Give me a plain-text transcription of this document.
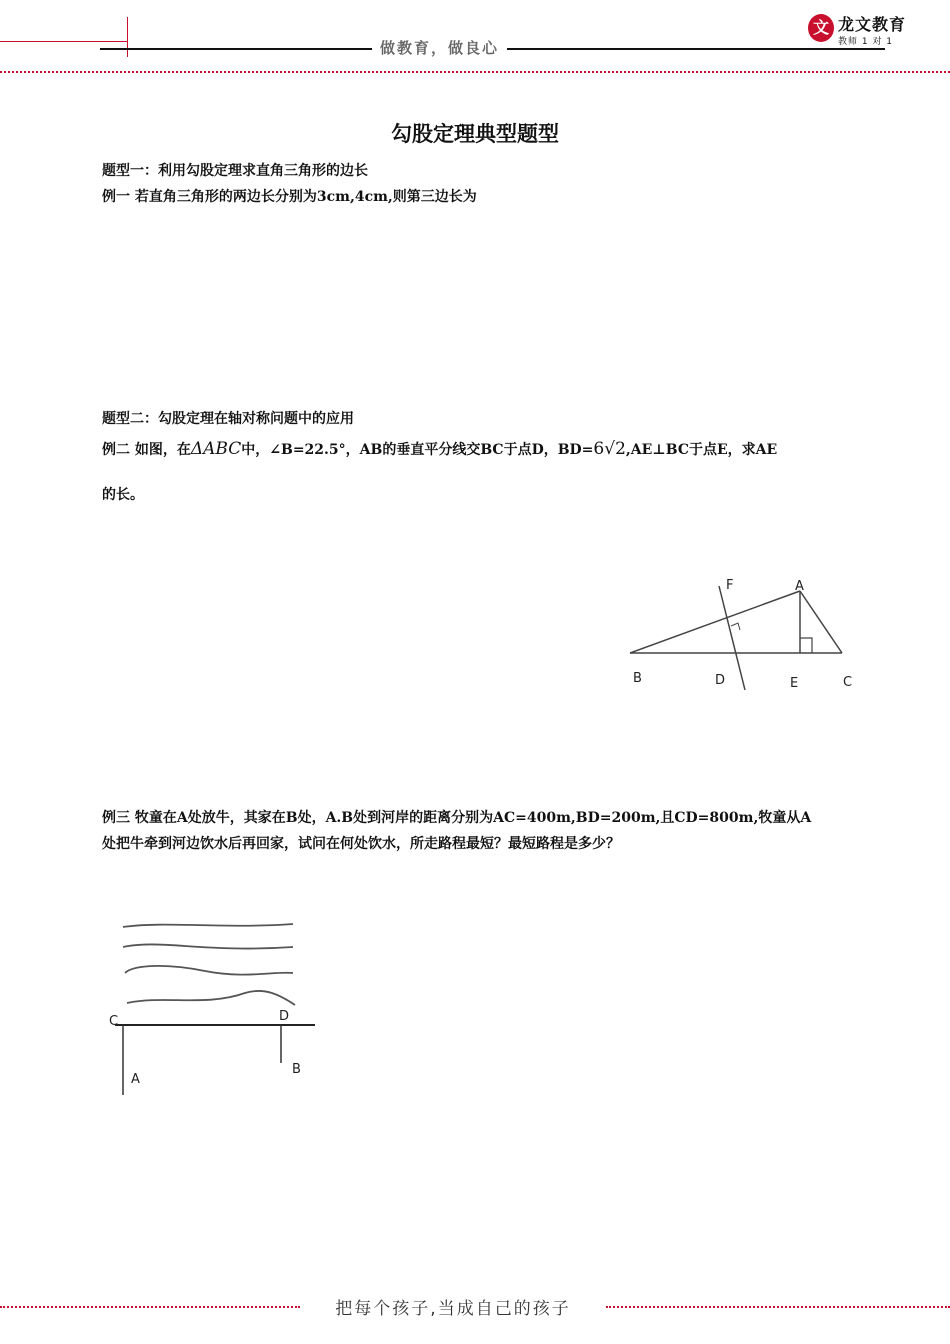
做教育，做良心
文 龙文教育
教师 1 对 1
勾股定理典型题型
题型一：利用勾股定理求直角三角形的边长
例一 若直角三角形的两边长分别为3cm,4cm,则第三边长为
题型二：勾股定理在轴对称问题中的应用
例二 如图，在ΔABC中，∠B=22.5°，AB的垂直平分线交BC于点D，BD=6√2,AE⊥BC于点E，求AE
的长。
A
B	C
D	E
F
例三 牧童在A处放牛，其家在B处，A.B处到河岸的距离分别为AC=400m,BD=200m,且CD=800m,牧童从A
处把牛牵到河边饮水后再回家，试问在何处饮水，所走路程最短？最短路程是多少？
C	D
A
B
把每个孩子,当成自己的孩子
